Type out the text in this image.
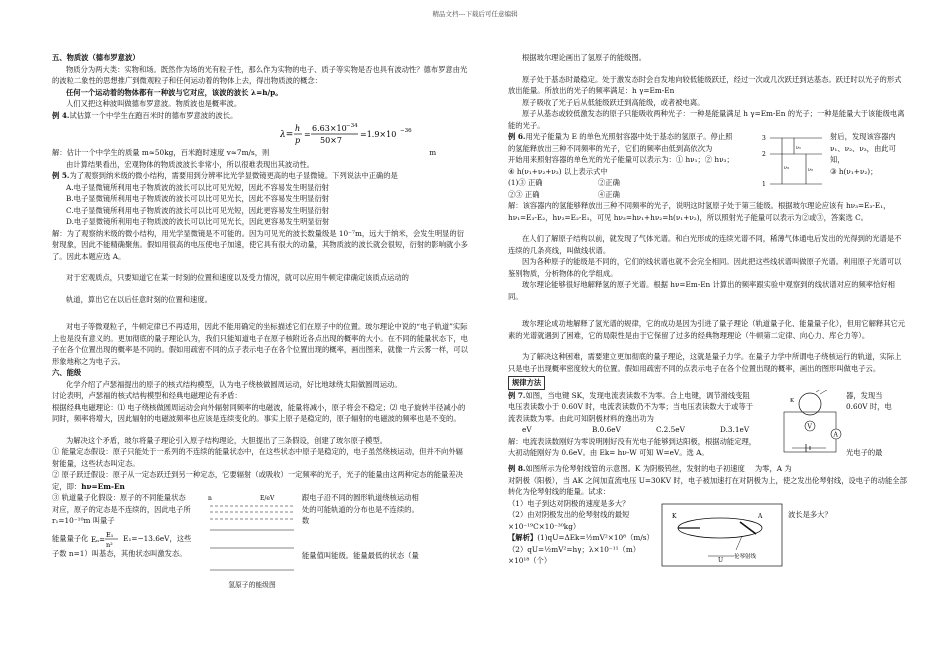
精品文档---下载后可任意编辑

五、物质波（德布罗意波）

物质分为两大类：实物和场。既然作为场的光有粒子性，那么作为实物的电子、质子等实物是否也具有波动性？德布罗意由光的波粒二象性的思想推广到微观粒子和任何运动着的物体上去，得出物质波的概念：

任何一个运动着的物体都有一种波与它对应，该波的波长 λ=h/p。

人们又把这种波叫做德布罗意波。物质波也是概率波。

例 4.试估算一个中学生在跑百米时的德布罗意波的波长。

λ=
h
p
=
6.63×10 −34
50×7
=1.9×10 −36

解：估计一个中学生的质量 m≈50kg，百米跑时速度 v≈7m/s，则	m

由计算结果看出，宏观物体的物质波波长非常小，所以很难表现出其波动性。

例 5.为了观察到纳米级的微小结构，需要用到分辨率比光学显微镜更高的电子显微镜。下列说法中正确的是

A.电子显微镜所利用电子物质波的波长可以比可见光短，因此不容易发生明显衍射

B.电子显微镜所利用电子物质波的波长可以比可见光长，因此不容易发生明显衍射

C.电子显微镜所利用电子物质波的波长可以比可见光短，因此更容易发生明显衍射

D.电子显微镜所利用电子物质波的波长可以比可见光长，因此更容易发生明显衍射

解：为了观察纳米级的微小结构，用光学显微镜是不可能的。因为可见光的波长数量级是 10⁻⁷m，远大于纳米，会发生明显的衍射现象，因此不能精确聚焦。假如用很高的电压使电子加速，使它具有很大的动量，其物质波的波长就会很短，衍射的影响就小多了。因此本题应选 A。

对于宏观质点，只要知道它在某一时刻的位置和速度以及受力情况，就可以应用牛顿定律确定该质点运动的

轨道，算出它在以后任意时刻的位置和速度。

对电子等微观粒子，牛顿定律已不再适用，因此不能用确定的坐标描述它们在原子中的位置。玻尔理论中说的“电子轨道”实际上也是没有意义的。更加彻底的量子理论认为，我们只能知道电子在原子核附近各点出现的概率的大小。在不同的能量状态下，电子在各个位置出现的概率是不同的。假如用疏密不同的点子表示电子在各个位置出现的概率，画出图来，就像一片云雾一样，可以形象地称之为电子云。

六、能级

化学介绍了卢瑟福提出的原子的核式结构模型，认为电子绕核做圆周运动，好比地球绕太阳做圆周运动。

讨论表明，卢瑟福的核式结构模型和经典电磁理论有矛盾：

根据经典电磁理论：⑴ 电子绕核做圆周运动会向外辐射同频率的电磁波，能量将减小，原子将会不稳定；⑵ 电子旋转半径减小的同时，频率将增大，因此辐射的电磁波频率也应该是连续变化的。事实上原子是稳定的，原子辐射的电磁波的频率也是不变的。

为解决这个矛盾，玻尔将量子理论引入原子结构理论，大胆提出了三条假设，创建了玻尔原子模型。

① 能量定态假设：原子只能处于一系列的不连续的能量状态中，在这些状态中原子是稳定的，电子虽然绕核运动，但并不向外辐射能量，这些状态叫定态。

② 原子跃迁假设：原子从一定态跃迁到另一种定态，它要辐射（或吸收）一定频率的光子，光子的能量由这两种定态的能量差决定，即：hν=Em-En

③ 轨道量子化假设：原子的不同能量状态

对应，原子的定态是不连续的，因此电子所

r₁=10⁻¹⁰m 叫量子

能量量子化 Eₙ=
E₁
n²
E₁=−13.6eV，这些

子数 n=1）叫基态，其他状态叫激发态。

n	E/eV
氢原子的能级图

跟电子沿不同的圆形轨道绕核运动相

处的可能轨道的分布也是不连续的。

数

能量值叫能级。能量最低的状态（量

根据玻尔理论画出了氢原子的能级图。

原子处于基态时最稳定。处于激发态时会自发地向较低能级跃迁，经过一次或几次跃迁到达基态。跃迁时以光子的形式放出能量。所放出的光子的频率满足：h γ=Em-En

原子吸收了光子后从低能级跃迁到高能级，或者被电离。

原子从基态或较低激发态的原子只能吸收两种光子：一种是能量满足 h γ=Em-En 的光子；一种是能量大于该能级电离能的光子。

例 6.用光子能量为 E 的单色光照射容器中处于基态的氢原子。停止照

的氢能释放出三种不同频率的光子，它们的频率由低到高依次为

开始用来照射容器的单色光的光子能量可以表示为：① hν₁；② hν₃；

④ h(ν₁+ν₂+ν₃) 以上表示式中

(1)③ 正确	②正确

②③ 正确	④正确

3
2
1
ν₃
ν₁
ν₂

射后，发现该容器内

ν₁、ν₂、ν₃，由此可知，

③ h(ν₁+ν₂)；

解：该容器内的氢能够释放出三种不同频率的光子，说明这时氢原子处于第三能级。根据玻尔理论应该有 hν₃=E₃-E₁，hν₁=E₃-E₂，hν₂=E₂-E₁，可见 hν₃=hν₁+hν₂=h(ν₁+ν₂)，所以照射光子能量可以表示为②或③，答案选 C。

在人们了解原子结构以前，就发现了气体光谱。和白光形成的连续光谱不同，稀薄气体通电后发出的光得到的光谱是不连续的几条亮线，叫做线状谱。

因为各种原子的能级是不同的，它们的线状谱也就不会完全相同。因此把这些线状谱叫做原子光谱。利用原子光谱可以鉴别物质，分析物体的化学组成。

玻尔理论能够很好地解释氢的原子光谱。根据 hν=Em-En 计算出的频率跟实验中观察到的线状谱对应的频率恰好相同。

玻尔理论成功地解释了氢光谱的规律，它的成功是因为引进了量子理论（轨道量子化、能量量子化），但用它解释其它元素的光谱就遇到了困难，它的局限性是由于它保留了过多的经典物理理论（牛顿第二定律、向心力、库仑力等）。

为了解决这种困难，需要建立更加彻底的量子理论，这就是量子力学。在量子力学中所谓电子绕核运行的轨道，实际上只是电子出现概率密度较大的位置。假如用疏密不同的点表示电子在各个位置出现的概率，画出的图形叫做电子云。

规律方法

例 7.如图，当电键 SK，发现电流表读数不为零。合上电键，调节滑线变阻

电压表读数小于 0.60V 时，电流表读数仍不为零；当电压表读数大于或等于

流表读数为零。由此可知阴极材料的逸出功为

eV	B.0.6eV	C.2.5eV	D.3.1eV

解：电流表读数刚好为零说明刚好没有光电子能够到达阳极，根据动能定理，

大初动能刚好为 0.6eV。由 Ek= hν-W 可知 W=eV。选 A。

K
V
A

器，发现当

0.60V 时，电

光电子的最

例 8.如图所示为伦琴射线管的示意图。K 为阴极钨丝，发射的电子初速度 为零，A 为

对阴极（阳极），当 AK 之间加直流电压 U=30KV 时，电子被加速打在对阴极为上，使之发出伦琴射线，设电子的动能全部转化为伦琴射线的能量。试求：

（1）电子到达对阴极的速度是多大？

（2）由对阴极发出的伦琴射线的最短

×10⁻¹⁹C×10⁻³⁰kg）

【解析】(1)qU=ΔEk=½mV²×10⁸（m/s）

（2）qU=½mV²=hγ；λ×10⁻¹¹（m）

×10¹⁸（个）

K	A
U 伦琴射线

波长是多大？
